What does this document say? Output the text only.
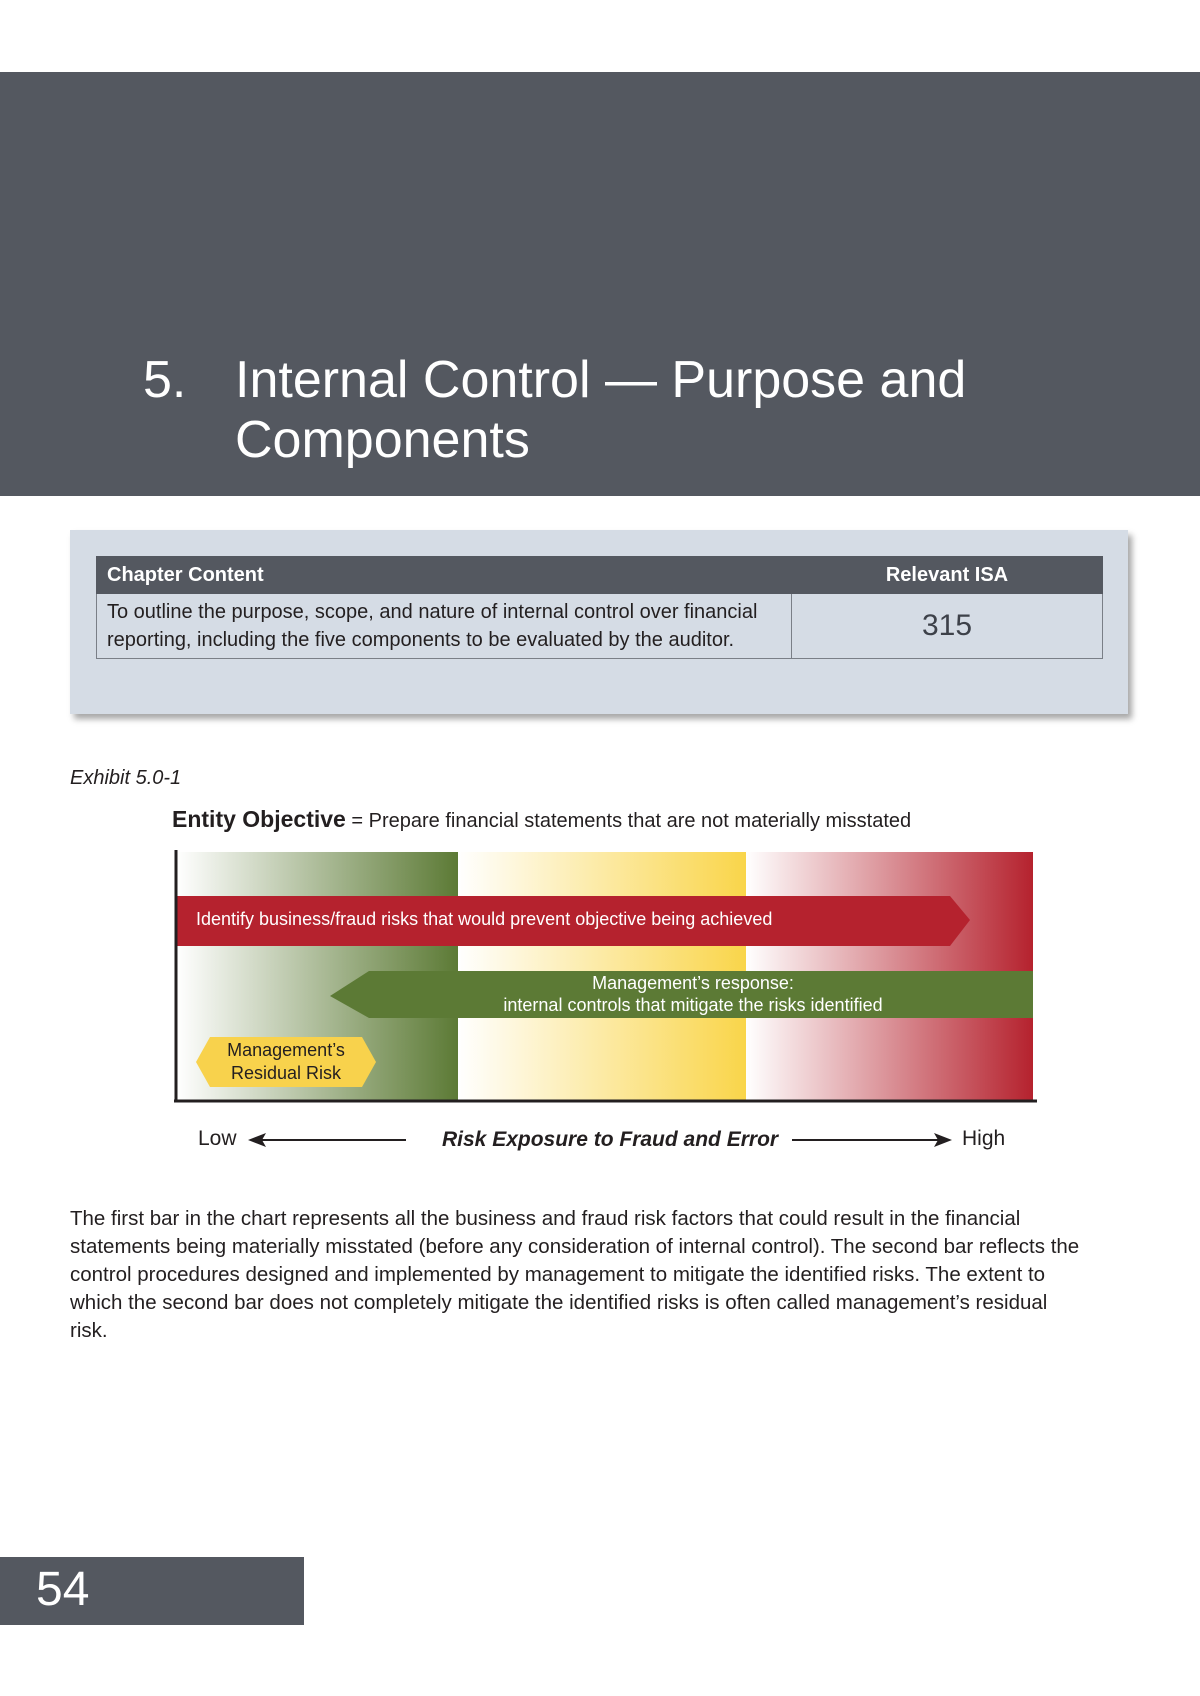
5. Internal Control — Purpose and Components
Chapter Content	Relevant ISA
To outline the purpose, scope, and nature of internal control over financial reporting, including the five components to be evaluated by the auditor.	315
Exhibit 5.0-1
Entity Objective = Prepare financial statements that are not materially misstated
Identify business/fraud risks that would prevent objective being achieved
Management’s response:
internal controls that mitigate the risks identified
Management’s
Residual Risk
Low	Risk Exposure to Fraud and Error	High
The first bar in the chart represents all the business and fraud risk factors that could result in the financial statements being materially misstated (before any consideration of internal control). The second bar reflects the control procedures designed and implemented by management to mitigate the identified risks. The extent to which the second bar does not completely mitigate the identified risks is often called management’s residual risk.
54
